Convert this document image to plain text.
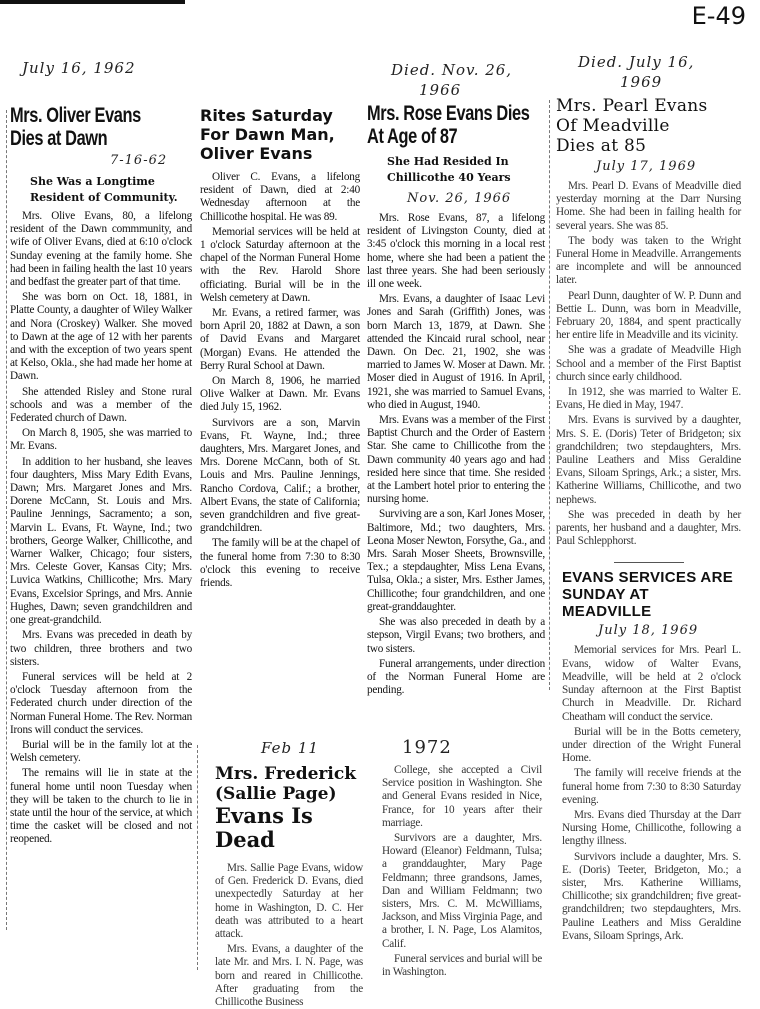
E-49
July 16, 1962
Mrs. Oliver Evans
Dies at Dawn
7-16-62
She Was a Longtime
Resident of Community.

Mrs. Olive Evans, 80, a lifelong resident of the Dawn commmunity, and wife of Oliver Evans, died at 6:10 o'clock Sunday evening at the family home. She had been in failing health the last 10 years and bedfast the greater part of that time.

She was born on Oct. 18, 1881, in Platte County, a daughter of Wiley Walker and Nora (Croskey) Walker. She moved to Dawn at the age of 12 with her parents and with the exception of two years spent at Kelso, Okla., she had made her home at Dawn.

She attended Risley and Stone rural schools and was a member of the Federated church of Dawn.

On March 8, 1905, she was married to Mr. Evans.

In addition to her husband, she leaves four daughters, Miss Mary Edith Evans, Dawn; Mrs. Margaret Jones and Mrs. Dorene McCann, St. Louis and Mrs. Pauline Jennings, Sacramento; a son, Marvin L. Evans, Ft. Wayne, Ind.; two brothers, George Walker, Chillicothe, and Warner Walker, Chicago; four sisters, Mrs. Celeste Gover, Kansas City; Mrs. Luvica Watkins, Chillicothe; Mrs. Mary Evans, Excelsior Springs, and Mrs. Annie Hughes, Dawn; seven grandchildren and one great-grandchild.

Mrs. Evans was preceded in death by two children, three brothers and two sisters.

Funeral services will be held at 2 o'clock Tuesday afternoon from the Federated church under direction of the Norman Funeral Home. The Rev. Norman Irons will conduct the services.

Burial will be in the family lot at the Welsh cemetery.

The remains will lie in state at the funeral home until noon Tuesday when they will be taken to the church to lie in state until the hour of the service, at which time the casket will be closed and not reopened.

Rites Saturday
For Dawn Man,
Oliver Evans

Oliver C. Evans, a lifelong resident of Dawn, died at 2:40 Wednesday afternoon at the Chillicothe hospital. He was 89.

Memorial services will be held at 1 o'clock Saturday afternoon at the chapel of the Norman Funeral Home with the Rev. Harold Shore officiating. Burial will be in the Welsh cemetery at Dawn.

Mr. Evans, a retired farmer, was born April 20, 1882 at Dawn, a son of David Evans and Margaret (Morgan) Evans. He attended the Berry Rural School at Dawn.

On March 8, 1906, he married Olive Walker at Dawn. Mr. Evans died July 15, 1962.

Survivors are a son, Marvin Evans, Ft. Wayne, Ind.; three daughters, Mrs. Margaret Jones, and Mrs. Dorene McCann, both of St. Louis and Mrs. Pauline Jennings, Rancho Cordova, Calif.; a brother, Albert Evans, the state of California; seven grandchildren and five great-grandchildren.

The family will be at the chapel of the funeral home from 7:30 to 8:30 o'clock this evening to receive friends.

Died. Nov. 26,
1966
Mrs. Rose Evans Dies
At Age of 87
She Had Resided In
Chillicothe 40 Years
Nov. 26, 1966

Mrs. Rose Evans, 87, a lifelong resident of Livingston County, died at 3:45 o'clock this morning in a local rest home, where she had been a patient the last three years. She had been seriously ill one week.

Mrs. Evans, a daughter of Isaac Levi Jones and Sarah (Griffith) Jones, was born March 13, 1879, at Dawn. She attended the Kincaid rural school, near Dawn. On Dec. 21, 1902, she was married to James W. Moser at Dawn. Mr. Moser died in August of 1916. In April, 1921, she was married to Samuel Evans, who died in August, 1940.

Mrs. Evans was a member of the First Baptist Church and the Order of Eastern Star. She came to Chillicothe from the Dawn community 40 years ago and had resided here since that time. She resided at the Lambert hotel prior to entering the nursing home.

Surviving are a son, Karl Jones Moser, Baltimore, Md.; two daughters, Mrs. Leona Moser Newton, Forsythe, Ga., and Mrs. Sarah Moser Sheets, Brownsville, Tex.; a stepdaughter, Miss Lena Evans, Tulsa, Okla.; a sister, Mrs. Esther James, Chillicothe; four grandchildren, and one great-granddaughter.

She was also preceded in death by a stepson, Virgil Evans; two brothers, and two sisters.

Funeral arrangements, under direction of the Norman Funeral Home are pending.

Died. July 16,
1969
Mrs. Pearl Evans
Of Meadville
Dies at 85
July 17, 1969

Mrs. Pearl D. Evans of Meadville died yesterday morning at the Darr Nursing Home. She had been in failing health for several years. She was 85.

The body was taken to the Wright Funeral Home in Meadville. Arrangements are incomplete and will be announced later.

Pearl Dunn, daughter of W. P. Dunn and Bettie L. Dunn, was born in Meadville, February 20, 1884, and spent practically her entire life in Meadville and its vicinity.

She was a gradate of Meadville High School and a member of the First Baptist church since early childhood.

In 1912, she was married to Walter E. Evans, He died in May, 1947.

Mrs. Evans is survived by a daughter, Mrs. S. E. (Doris) Teter of Bridgeton; six grandchildren; two stepdaughters, Mrs. Pauline Leathers and Miss Geraldine Evans, Siloam Springs, Ark.; a sister, Mrs. Katherine Williams, Chillicothe, and two nephews.

She was preceded in death by her parents, her husband and a daughter, Mrs. Paul Schlepphorst.

EVANS SERVICES ARE
SUNDAY AT MEADVILLE
July 18, 1969

Memorial services for Mrs. Pearl L. Evans, widow of Walter Evans, Meadville, will be held at 2 o'clock Sunday afternoon at the First Baptist Church in Meadville. Dr. Richard Cheatham will conduct the service.

Burial will be in the Botts cemetery, under direction of the Wright Funeral Home.

The family will receive friends at the funeral home from 7:30 to 8:30 Saturday evening.

Mrs. Evans died Thursday at the Darr Nursing Home, Chillicothe, following a lengthy illness.

Survivors include a daughter, Mrs. S. E. (Doris) Teeter, Bridgeton, Mo.; a sister, Mrs. Katherine Williams, Chillicothe; six grandchildren; five great-grandchildren; two stepdaughters, Mrs. Pauline Leathers and Miss Geraldine Evans, Siloam Springs, Ark.

Feb 11
Mrs. Frederick
(Sallie Page)
Evans Is Dead

Mrs. Sallie Page Evans, widow of Gen. Frederick D. Evans, died unexpectedly Saturday at her home in Washington, D. C. Her death was attributed to a heart attack.

Mrs. Evans, a daughter of the late Mr. and Mrs. I. N. Page, was born and reared in Chillicothe. After graduating from the Chillicothe Business

1972

College, she accepted a Civil Service position in Washington. She and General Evans resided in Nice, France, for 10 years after their marriage.

Survivors are a daughter, Mrs. Howard (Eleanor) Feldmann, Tulsa; a granddaughter, Mary Page Feldmann; three grandsons, James, Dan and William Feldmann; two sisters, Mrs. C. M. McWilliams, Jackson, and Miss Virginia Page, and a brother, I. N. Page, Los Alamitos, Calif.

Funeral services and burial will be in Washington.
